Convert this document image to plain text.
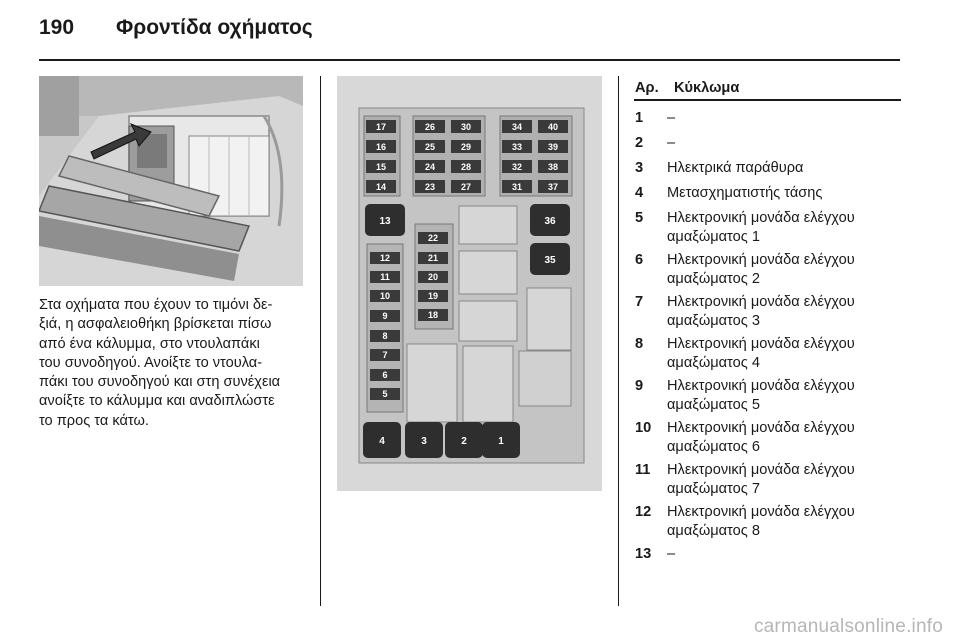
190 Φροντίδα οχήματος

Στα οχήματα που έχουν το τιμόνι δε-
ξιά, η ασφαλειοθήκη βρίσκεται πίσω
από ένα κάλυμμα, στο ντουλαπάκι
του συνοδηγού. Ανοίξτε το ντουλα-
πάκι του συνοδηγού και στη συνέχεια
ανοίξτε το κάλυμμα και αναδιπλώστε
το προς τα κάτω.

17
16
15
14
26	30
25	29
24	28
23	27
34	40
33	39
32	38
31	37
13	36
35
12
11
10
9
8
7
6
5
22
21
20
19
18
4	3	2	1
Αρ. Κύκλωμα
1 –
2 –
3 Ηλεκτρικά παράθυρα
4 Μετασχηματιστής τάσης
5 Ηλεκτρονική μονάδα ελέγχου
αμαξώματος 1
6 Ηλεκτρονική μονάδα ελέγχου
αμαξώματος 2
7 Ηλεκτρονική μονάδα ελέγχου
αμαξώματος 3
8 Ηλεκτρονική μονάδα ελέγχου
αμαξώματος 4
9 Ηλεκτρονική μονάδα ελέγχου
αμαξώματος 5
10 Ηλεκτρονική μονάδα ελέγχου
αμαξώματος 6
11 Ηλεκτρονική μονάδα ελέγχου
αμαξώματος 7
12 Ηλεκτρονική μονάδα ελέγχου
αμαξώματος 8
13 –
carmanualsonline.info
